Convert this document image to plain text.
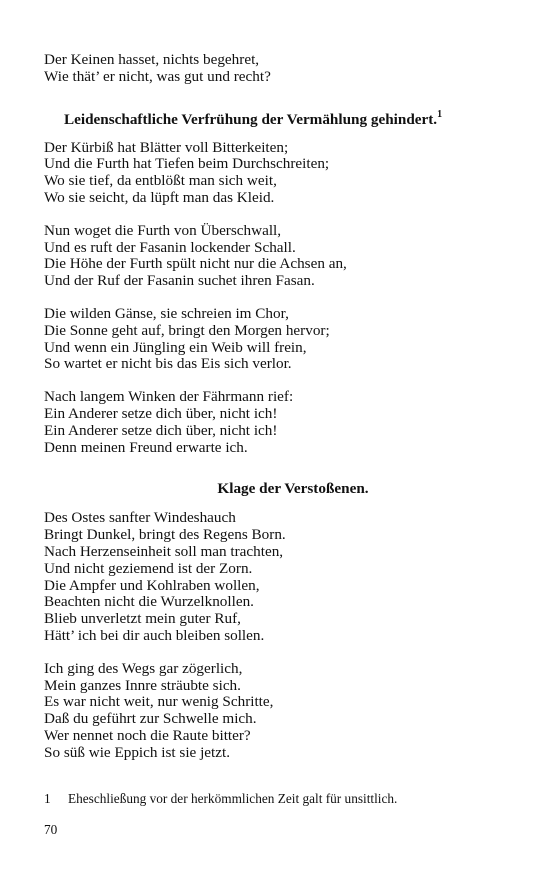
Der Keinen hasset, nichts begehret,
Wie thät’ er nicht, was gut und recht?
Leidenschaftliche Verfrühung der Vermählung gehindert.$^1$
Der Kürbiß hat Blätter voll Bitterkeiten;
Und die Furth hat Tiefen beim Durchschreiten;
Wo sie tief, da entblößt man sich weit,
Wo sie seicht, da lüpft man das Kleid.
Nun woget die Furth von Überschwall,
Und es ruft der Fasanin lockender Schall.
Die Höhe der Furth spült nicht nur die Achsen an,
Und der Ruf der Fasanin suchet ihren Fasan.
Die wilden Gänse, sie schreien im Chor,
Die Sonne geht auf, bringt den Morgen hervor;
Und wenn ein Jüngling ein Weib will frein,
So wartet er nicht bis das Eis sich verlor.
Nach langem Winken der Fährmann rief:
Ein Anderer setze dich über, nicht ich!
Ein Anderer setze dich über, nicht ich!
Denn meinen Freund erwarte ich.
Klage der Verstoßenen.
Des Ostes sanfter Windeshauch
Bringt Dunkel, bringt des Regens Born.
Nach Herzenseinheit soll man trachten,
Und nicht geziemend ist der Zorn.
Die Ampfer und Kohlraben wollen,
Beachten nicht die Wurzelknollen.
Blieb unverletzt mein guter Ruf,
Hätt’ ich bei dir auch bleiben sollen.
Ich ging des Wegs gar zögerlich,
Mein ganzes Innre sträubte sich.
Es war nicht weit, nur wenig Schritte,
Daß du geführt zur Schwelle mich.
Wer nennet noch die Raute bitter?
So süß wie Eppich ist sie jetzt.
1 Eheschließung vor der herkömmlichen Zeit galt für unsittlich.
70
